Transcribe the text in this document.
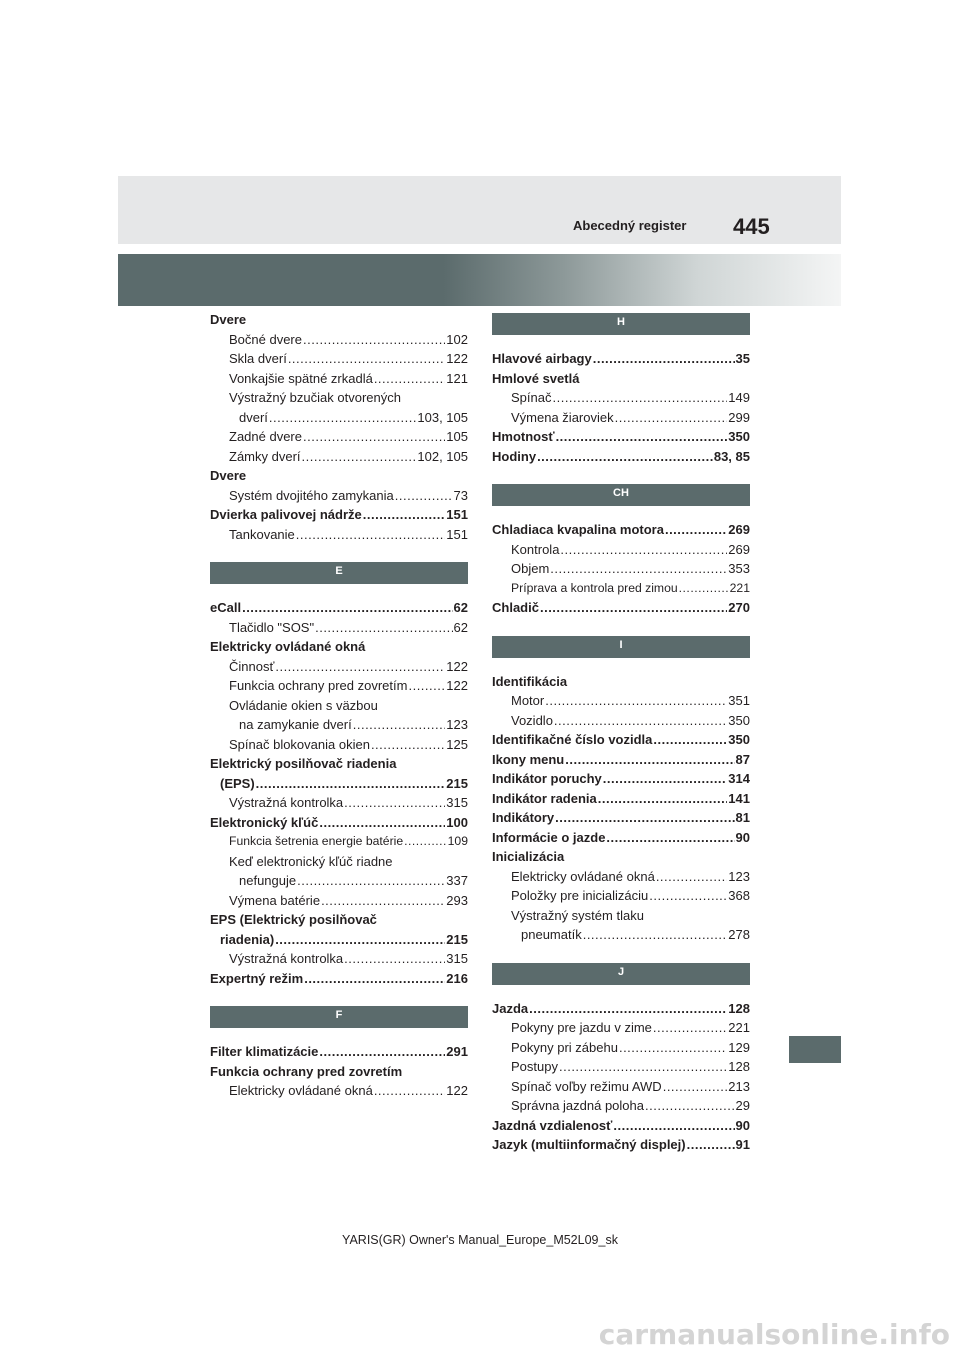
Abecedný register 445
Dvere
Bočné dvere .....	102
Skla dverí .....	122
Vonkajšie spätné zrkadlá .....	121
Výstražný bzučiak otvorených
dverí .....	103, 105
Zadné dvere .....	105
Zámky dverí .....	102, 105
Dvere
Systém dvojitého zamykania .....	73
Dvierka palivovej nádrže .....	151
Tankovanie .....	151
E
eCall .....	62
Tlačidlo "SOS" .....	62
Elektricky ovládané okná
Činnosť .....	122
Funkcia ochrany pred zovretím .....	122
Ovládanie okien s väzbou
na zamykanie dverí .....	123
Spínač blokovania okien .....	125
Elektrický posilňovač riadenia
(EPS) .....	215
Výstražná kontrolka .....	315
Elektronický kľúč .....	100
Funkcia šetrenia energie batérie .....	109
Keď elektronický kľúč riadne
nefunguje .....	337
Výmena batérie .....	293
EPS (Elektrický posilňovač
riadenia) .....	215
Výstražná kontrolka .....	315
Expertný režim .....	216
F
Filter klimatizácie .....	291
Funkcia ochrany pred zovretím
Elektricky ovládané okná .....	122
H
Hlavové airbagy .....	35
Hmlové svetlá
Spínač .....	149
Výmena žiaroviek .....	299
Hmotnosť .....	350
Hodiny .....	83, 85
CH
Chladiaca kvapalina motora .....	269
Kontrola .....	269
Objem .....	353
Príprava a kontrola pred zimou .....	221
Chladič .....	270
I
Identifikácia
Motor .....	351
Vozidlo .....	350
Identifikačné číslo vozidla .....	350
Ikony menu .....	87
Indikátor poruchy .....	314
Indikátor radenia .....	141
Indikátory .....	81
Informácie o jazde .....	90
Inicializácia
Elektricky ovládané okná .....	123
Položky pre inicializáciu .....	368
Výstražný systém tlaku
pneumatík .....	278
J
Jazda .....	128
Pokyny pre jazdu v zime .....	221
Pokyny pri zábehu .....	129
Postupy .....	128
Spínač voľby režimu AWD .....	213
Správna jazdná poloha .....	29
Jazdná vzdialenosť .....	90
Jazyk (multiinformačný displej) .....	91
YARIS(GR) Owner's Manual_Europe_M52L09_sk
carmanualsonline.info
